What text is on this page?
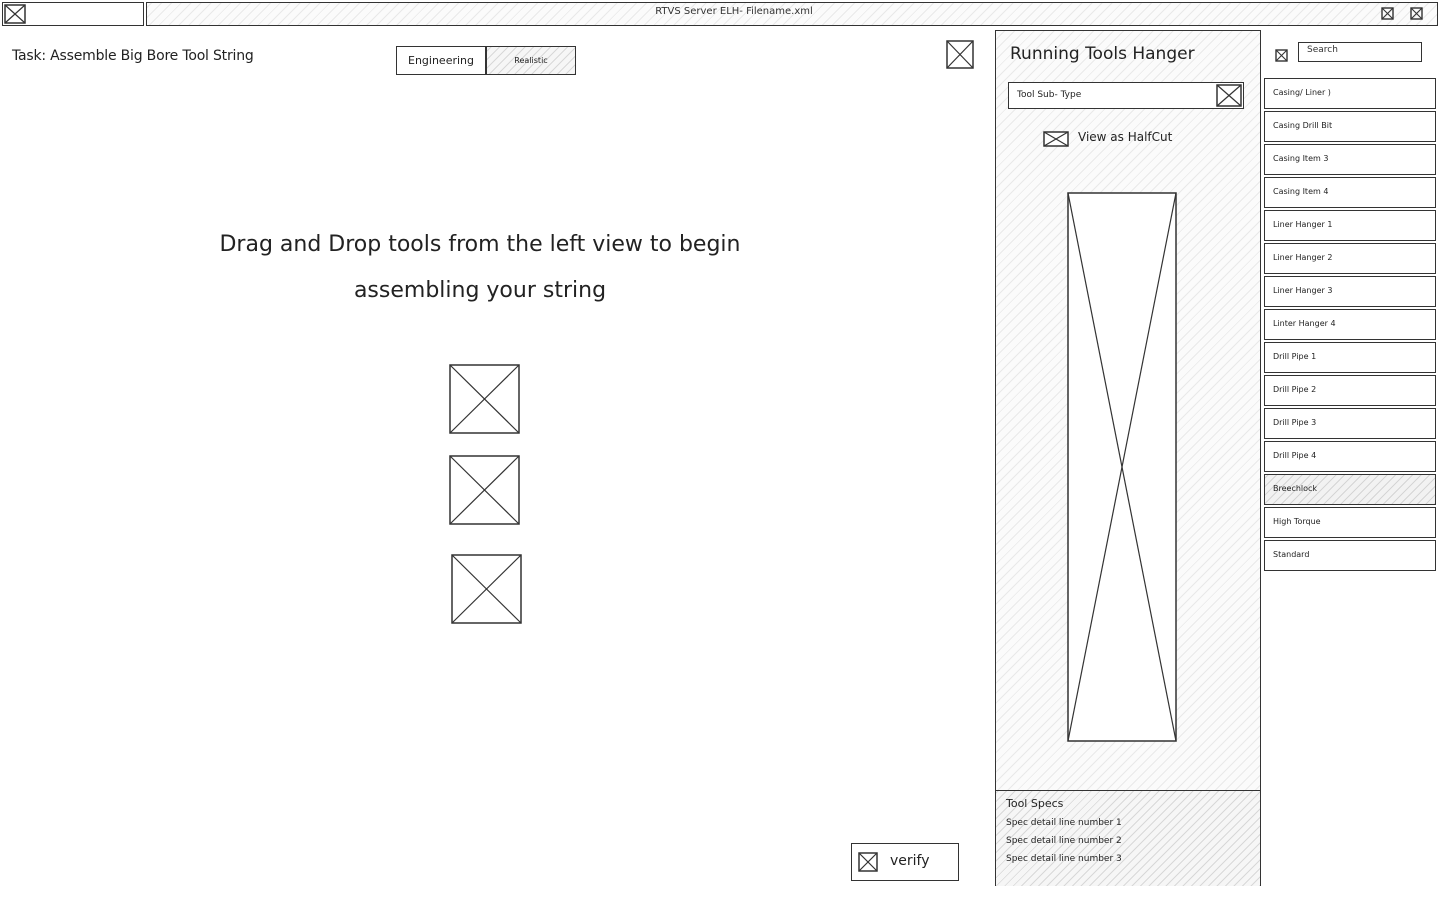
RTVS Server ELH- Filename.xml
Task: Assemble Big Bore Tool String	Engineering	Realistic
Drag and Drop tools from the left view to begin
assembling your string
verify
Running Tools Hanger
Tool Sub- Type
View as HalfCut
Tool Specs
Spec detail line number 1
Spec detail line number 2
Spec detail line number 3
Search
Casing/ Liner )
Casing Drill Bit
Casing Item 3
Casing Item 4
Liner Hanger 1
Liner Hanger 2
Liner Hanger 3
Linter Hanger 4
Drill Pipe 1
Drill Pipe 2
Drill Pipe 3
Drill Pipe 4
Breechlock
High Torque
Standard
